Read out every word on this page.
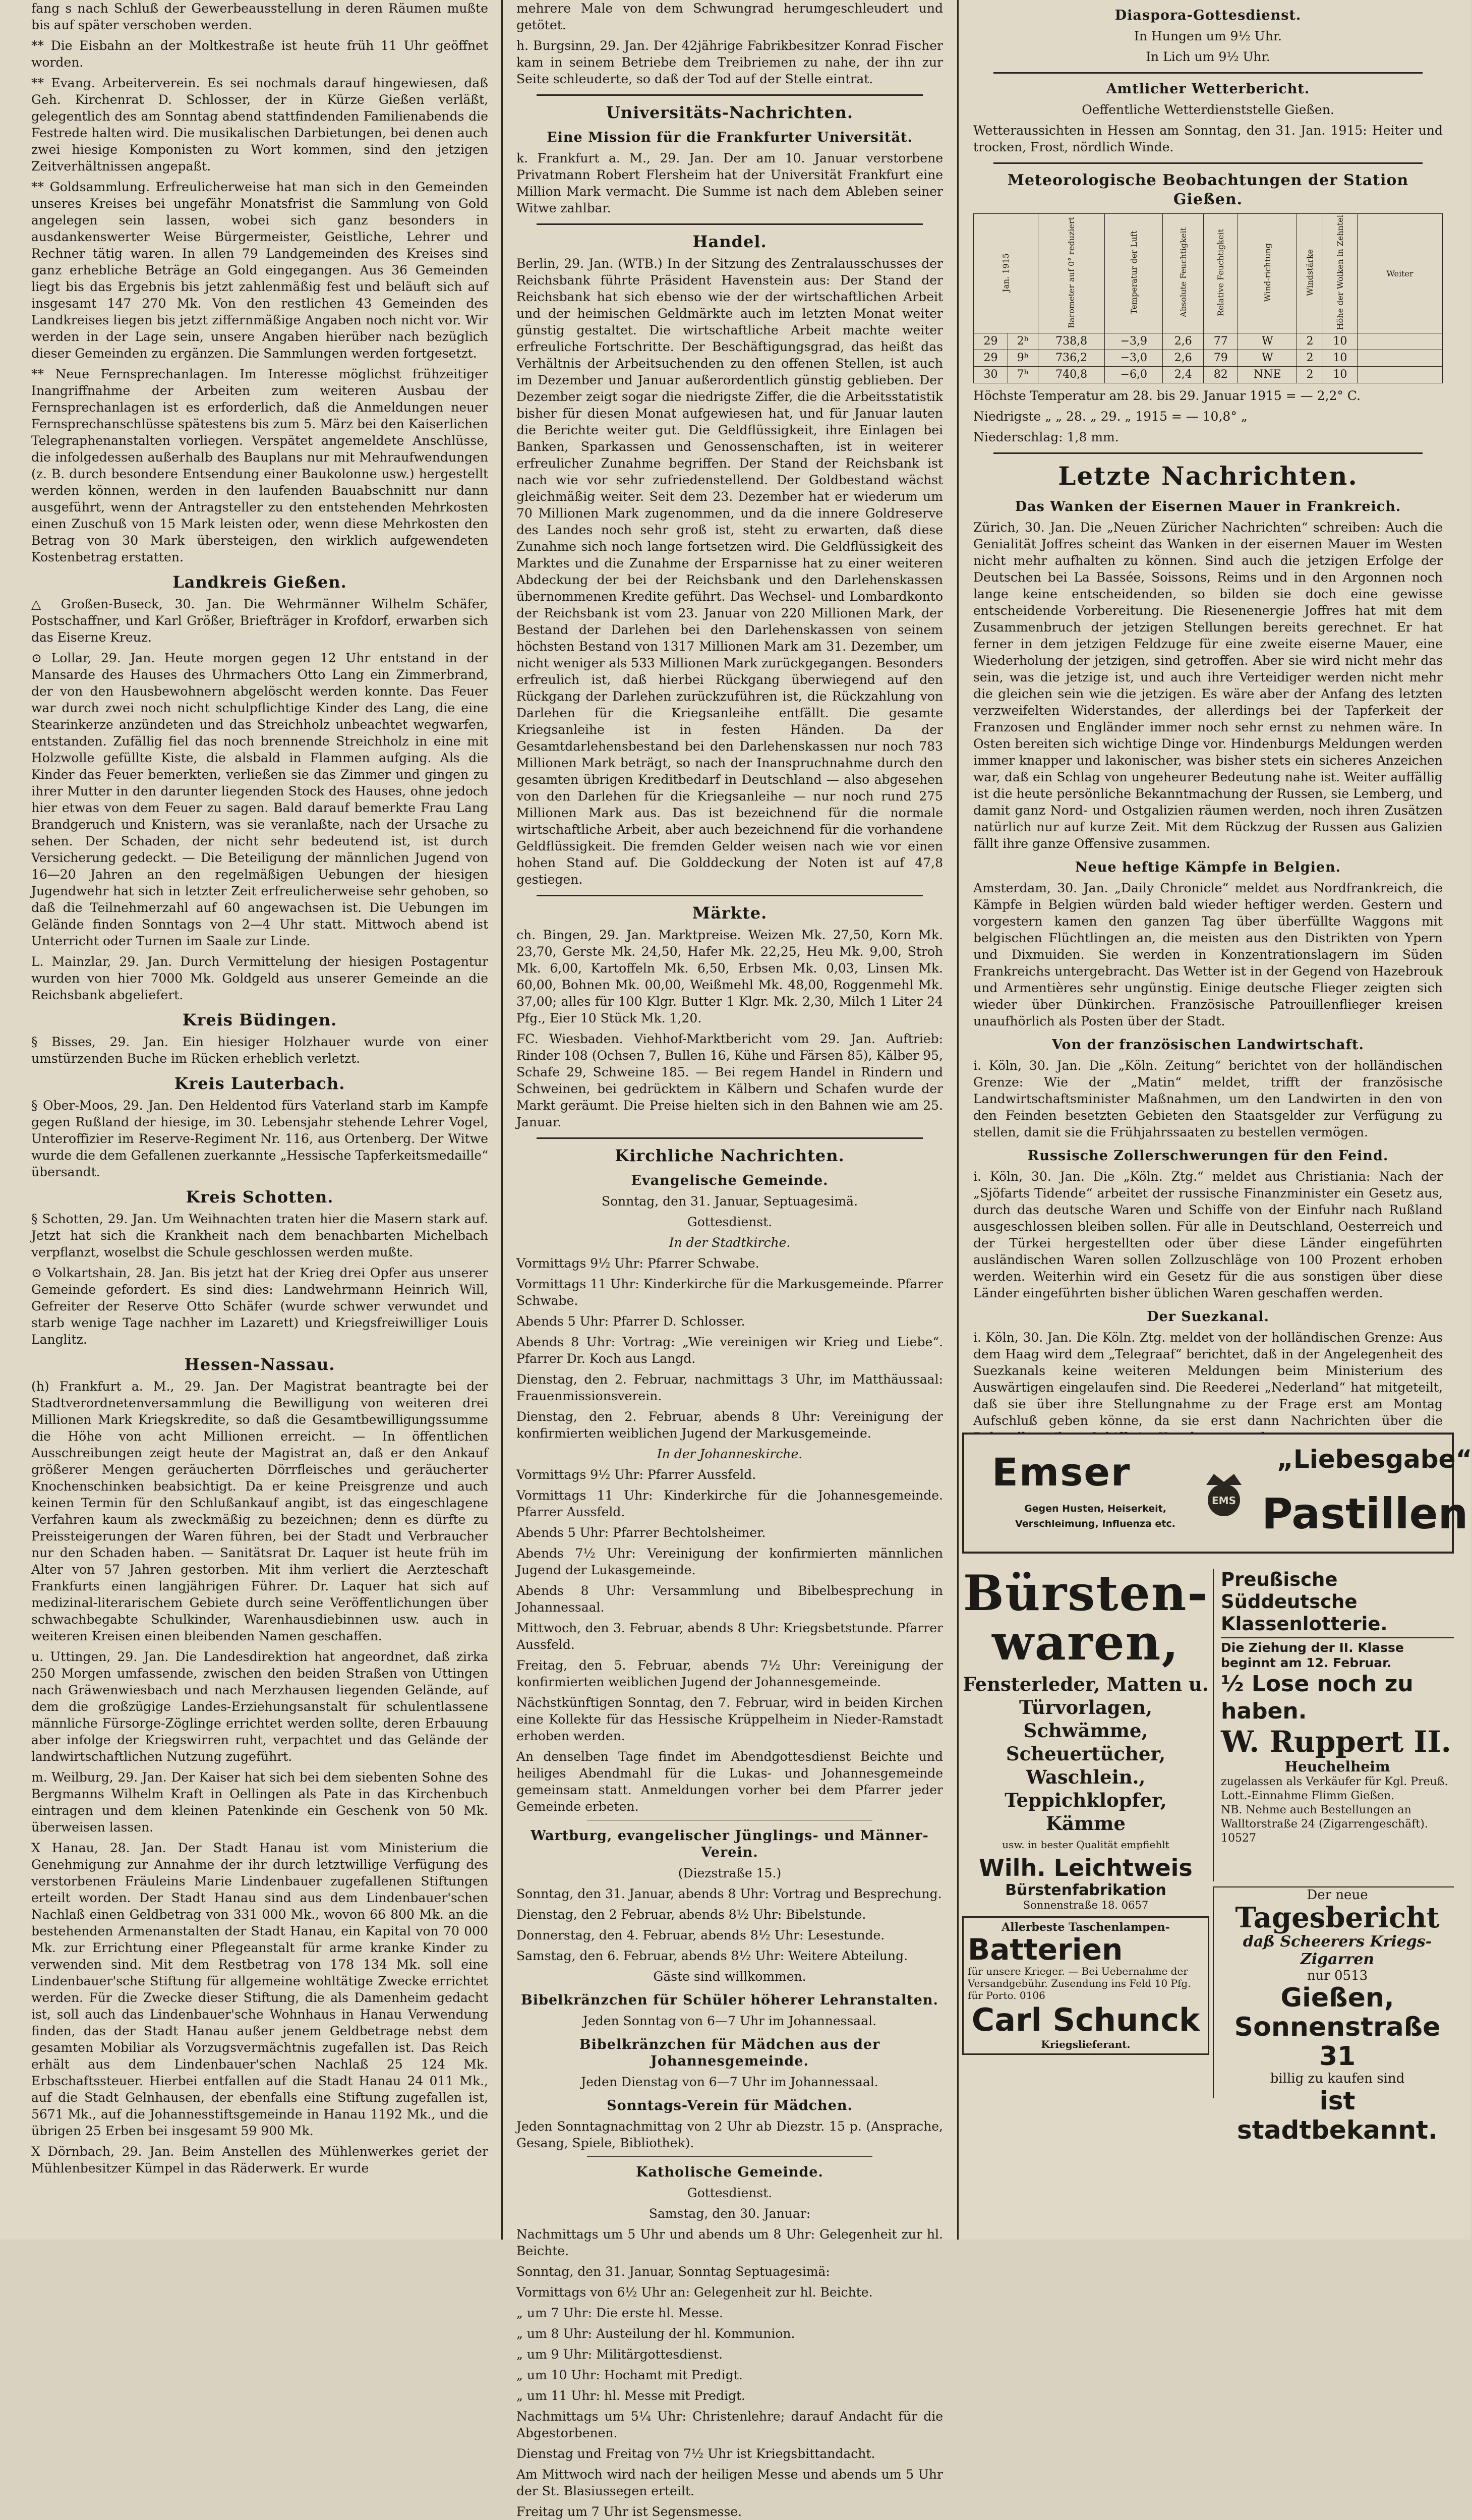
fang s nach Schluß der Gewerbeausstellung in deren Räumen mußte bis auf später verschoben werden.

** Die Eisbahn an der Moltkestraße ist heute früh 11 Uhr geöffnet worden.

** Evang. Arbeiterverein. Es sei nochmals darauf hingewiesen, daß Geh. Kirchenrat D. Schlosser, der in Kürze Gießen verläßt, gelegentlich des am Sonntag abend stattfindenden Familienabends die Festrede halten wird. Die musikalischen Darbietungen, bei denen auch zwei hiesige Komponisten zu Wort kommen, sind den jetzigen Zeitverhältnissen angepaßt.

** Goldsammlung. Erfreulicherweise hat man sich in den Gemeinden unseres Kreises bei ungefähr Monatsfrist die Sammlung von Gold angelegen sein lassen, wobei sich ganz besonders in ausdankenswerter Weise Bürgermeister, Geistliche, Lehrer und Rechner tätig waren. In allen 79 Landgemeinden des Kreises sind ganz erhebliche Beträge an Gold eingegangen. Aus 36 Gemeinden liegt bis das Ergebnis bis jetzt zahlenmäßig fest und beläuft sich auf insgesamt 147 270 Mk. Von den restlichen 43 Gemeinden des Landkreises liegen bis jetzt ziffernmäßige Angaben noch nicht vor. Wir werden in der Lage sein, unsere Angaben hierüber nach bezüglich dieser Gemeinden zu ergänzen. Die Sammlungen werden fortgesetzt.

** Neue Fernsprechanlagen. Im Interesse möglichst frühzeitiger Inangriffnahme der Arbeiten zum weiteren Ausbau der Fernsprechanlagen ist es erforderlich, daß die Anmeldungen neuer Fernsprechanschlüsse spätestens bis zum 5. März bei den Kaiserlichen Telegraphenanstalten vorliegen. Verspätet angemeldete Anschlüsse, die infolgedessen außerhalb des Bauplans nur mit Mehraufwendungen (z. B. durch besondere Entsendung einer Baukolonne usw.) hergestellt werden können, werden in den laufenden Bauabschnitt nur dann ausgeführt, wenn der Antragsteller zu den entstehenden Mehrkosten einen Zuschuß von 15 Mark leisten oder, wenn diese Mehrkosten den Betrag von 30 Mark übersteigen, den wirklich aufgewendeten Kostenbetrag erstatten.

Landkreis Gießen.

△ Großen-Buseck, 30. Jan. Die Wehrmänner Wilhelm Schäfer, Postschaffner, und Karl Größer, Briefträger in Krofdorf, erwarben sich das Eiserne Kreuz.

⊙ Lollar, 29. Jan. Heute morgen gegen 12 Uhr entstand in der Mansarde des Hauses des Uhrmachers Otto Lang ein Zimmerbrand, der von den Hausbewohnern abgelöscht werden konnte. Das Feuer war durch zwei noch nicht schulpflichtige Kinder des Lang, die eine Stearinkerze anzündeten und das Streichholz unbeachtet wegwarfen, entstanden. Zufällig fiel das noch brennende Streichholz in eine mit Holzwolle gefüllte Kiste, die alsbald in Flammen aufging. Als die Kinder das Feuer bemerkten, verließen sie das Zimmer und gingen zu ihrer Mutter in den darunter liegenden Stock des Hauses, ohne jedoch hier etwas von dem Feuer zu sagen. Bald darauf bemerkte Frau Lang Brandgeruch und Knistern, was sie veranlaßte, nach der Ursache zu sehen. Der Schaden, der nicht sehr bedeutend ist, ist durch Versicherung gedeckt. — Die Beteiligung der männlichen Jugend von 16—20 Jahren an den regelmäßigen Uebungen der hiesigen Jugendwehr hat sich in letzter Zeit erfreulicherweise sehr gehoben, so daß die Teilnehmerzahl auf 60 angewachsen ist. Die Uebungen im Gelände finden Sonntags von 2—4 Uhr statt. Mittwoch abend ist Unterricht oder Turnen im Saale zur Linde.

L. Mainzlar, 29. Jan. Durch Vermittelung der hiesigen Postagentur wurden von hier 7000 Mk. Goldgeld aus unserer Gemeinde an die Reichsbank abgeliefert.

Kreis Büdingen.

§ Bisses, 29. Jan. Ein hiesiger Holzhauer wurde von einer umstürzenden Buche im Rücken erheblich verletzt.

Kreis Lauterbach.

§ Ober-Moos, 29. Jan. Den Heldentod fürs Vaterland starb im Kampfe gegen Rußland der hiesige, im 30. Lebensjahr stehende Lehrer Vogel, Unteroffizier im Reserve-Regiment Nr. 116, aus Ortenberg. Der Witwe wurde die dem Gefallenen zuerkannte „Hessische Tapferkeitsmedaille“ übersandt.

Kreis Schotten.

§ Schotten, 29. Jan. Um Weihnachten traten hier die Masern stark auf. Jetzt hat sich die Krankheit nach dem benachbarten Michelbach verpflanzt, woselbst die Schule geschlossen werden mußte.

⊙ Volkartshain, 28. Jan. Bis jetzt hat der Krieg drei Opfer aus unserer Gemeinde gefordert. Es sind dies: Landwehrmann Heinrich Will, Gefreiter der Reserve Otto Schäfer (wurde schwer verwundet und starb wenige Tage nachher im Lazarett) und Kriegsfreiwilliger Louis Langlitz.

Hessen-Nassau.

(h) Frankfurt a. M., 29. Jan. Der Magistrat beantragte bei der Stadtverordnetenversammlung die Bewilligung von weiteren drei Millionen Mark Kriegskredite, so daß die Gesamtbewilligungssumme die Höhe von acht Millionen erreicht. — In öffentlichen Ausschreibungen zeigt heute der Magistrat an, daß er den Ankauf größerer Mengen geräucherten Dörrfleisches und geräucherter Knochenschinken beabsichtigt. Da er keine Preisgrenze und auch keinen Termin für den Schlußankauf angibt, ist das eingeschlagene Verfahren kaum als zweckmäßig zu bezeichnen; denn es dürfte zu Preissteigerungen der Waren führen, bei der Stadt und Verbraucher nur den Schaden haben. — Sanitätsrat Dr. Laquer ist heute früh im Alter von 57 Jahren gestorben. Mit ihm verliert die Aerzteschaft Frankfurts einen langjährigen Führer. Dr. Laquer hat sich auf medizinal-literarischem Gebiete durch seine Veröffentlichungen über schwachbegabte Schulkinder, Warenhausdiebinnen usw. auch in weiteren Kreisen einen bleibenden Namen geschaffen.

u. Uttingen, 29. Jan. Die Landesdirektion hat angeordnet, daß zirka 250 Morgen umfassende, zwischen den beiden Straßen von Uttingen nach Gräwenwiesbach und nach Merzhausen liegenden Gelände, auf dem die großzügige Landes-Erziehungsanstalt für schulentlassene männliche Fürsorge-Zöglinge errichtet werden sollte, deren Erbauung aber infolge der Kriegswirren ruht, verpachtet und das Gelände der landwirtschaftlichen Nutzung zugeführt.

m. Weilburg, 29. Jan. Der Kaiser hat sich bei dem siebenten Sohne des Bergmanns Wilhelm Kraft in Oellingen als Pate in das Kirchenbuch eintragen und dem kleinen Patenkinde ein Geschenk von 50 Mk. überweisen lassen.

X Hanau, 28. Jan. Der Stadt Hanau ist vom Ministerium die Genehmigung zur Annahme der ihr durch letztwillige Verfügung des verstorbenen Fräuleins Marie Lindenbauer zugefallenen Stiftungen erteilt worden. Der Stadt Hanau sind aus dem Lindenbauer'schen Nachlaß einen Geldbetrag von 331 000 Mk., wovon 66 800 Mk. an die bestehenden Armenanstalten der Stadt Hanau, ein Kapital von 70 000 Mk. zur Errichtung einer Pflegeanstalt für arme kranke Kinder zu verwenden sind. Mit dem Restbetrag von 178 134 Mk. soll eine Lindenbauer'sche Stiftung für allgemeine wohltätige Zwecke errichtet werden. Für die Zwecke dieser Stiftung, die als Damenheim gedacht ist, soll auch das Lindenbauer'sche Wohnhaus in Hanau Verwendung finden, das der Stadt Hanau außer jenem Geldbetrage nebst dem gesamten Mobiliar als Vorzugsvermächtnis zugefallen ist. Das Reich erhält aus dem Lindenbauer'schen Nachlaß 25 124 Mk. Erbschaftssteuer. Hierbei entfallen auf die Stadt Hanau 24 011 Mk., auf die Stadt Gelnhausen, der ebenfalls eine Stiftung zugefallen ist, 5671 Mk., auf die Johannesstiftsgemeinde in Hanau 1192 Mk., und die übrigen 25 Erben bei insgesamt 59 900 Mk.

X Dörnbach, 29. Jan. Beim Anstellen des Mühlenwerkes geriet der Mühlenbesitzer Kümpel in das Räderwerk. Er wurde

mehrere Male von dem Schwungrad herumgeschleudert und getötet.

h. Burgsinn, 29. Jan. Der 42jährige Fabrikbesitzer Konrad Fischer kam in seinem Betriebe dem Treibriemen zu nahe, der ihn zur Seite schleuderte, so daß der Tod auf der Stelle eintrat.

Universitäts-Nachrichten.
Eine Mission für die Frankfurter Universität.

k. Frankfurt a. M., 29. Jan. Der am 10. Januar verstorbene Privatmann Robert Flersheim hat der Universität Frankfurt eine Million Mark vermacht. Die Summe ist nach dem Ableben seiner Witwe zahlbar.

Handel.

Berlin, 29. Jan. (WTB.) In der Sitzung des Zentralausschusses der Reichsbank führte Präsident Havenstein aus: Der Stand der Reichsbank hat sich ebenso wie der der wirtschaftlichen Arbeit und der heimischen Geldmärkte auch im letzten Monat weiter günstig gestaltet. Die wirtschaftliche Arbeit machte weiter erfreuliche Fortschritte. Der Beschäftigungsgrad, das heißt das Verhältnis der Arbeitsuchenden zu den offenen Stellen, ist auch im Dezember und Januar außerordentlich günstig geblieben. Der Dezember zeigt sogar die niedrigste Ziffer, die die Arbeitsstatistik bisher für diesen Monat aufgewiesen hat, und für Januar lauten die Berichte weiter gut. Die Geldflüssigkeit, ihre Einlagen bei Banken, Sparkassen und Genossenschaften, ist in weiterer erfreulicher Zunahme begriffen. Der Stand der Reichsbank ist nach wie vor sehr zufriedenstellend. Der Goldbestand wächst gleichmäßig weiter. Seit dem 23. Dezember hat er wiederum um 70 Millionen Mark zugenommen, und da die innere Goldreserve des Landes noch sehr groß ist, steht zu erwarten, daß diese Zunahme sich noch lange fortsetzen wird. Die Geldflüssigkeit des Marktes und die Zunahme der Ersparnisse hat zu einer weiteren Abdeckung der bei der Reichsbank und den Darlehenskassen übernommenen Kredite geführt. Das Wechsel- und Lombardkonto der Reichsbank ist vom 23. Januar von 220 Millionen Mark, der Bestand der Darlehen bei den Darlehenskassen von seinem höchsten Bestand von 1317 Millionen Mark am 31. Dezember, um nicht weniger als 533 Millionen Mark zurückgegangen. Besonders erfreulich ist, daß hierbei Rückgang überwiegend auf den Rückgang der Darlehen zurückzuführen ist, die Rückzahlung von Darlehen für die Kriegsanleihe entfällt. Die gesamte Kriegsanleihe ist in festen Händen. Da der Gesamtdarlehensbestand bei den Darlehenskassen nur noch 783 Millionen Mark beträgt, so nach der Inanspruchnahme durch den gesamten übrigen Kreditbedarf in Deutschland — also abgesehen von den Darlehen für die Kriegsanleihe — nur noch rund 275 Millionen Mark aus. Das ist bezeichnend für die normale wirtschaftliche Arbeit, aber auch bezeichnend für die vorhandene Geldflüssigkeit. Die fremden Gelder weisen nach wie vor einen hohen Stand auf. Die Golddeckung der Noten ist auf 47,8 gestiegen.

Märkte.

ch. Bingen, 29. Jan. Marktpreise. Weizen Mk. 27,50, Korn Mk. 23,70, Gerste Mk. 24,50, Hafer Mk. 22,25, Heu Mk. 9,00, Stroh Mk. 6,00, Kartoffeln Mk. 6,50, Erbsen Mk. 0,03, Linsen Mk. 60,00, Bohnen Mk. 00,00, Weißmehl Mk. 48,00, Roggenmehl Mk. 37,00; alles für 100 Klgr. Butter 1 Klgr. Mk. 2,30, Milch 1 Liter 24 Pfg., Eier 10 Stück Mk. 1,20.

FC. Wiesbaden. Viehhof-Marktbericht vom 29. Jan. Auftrieb: Rinder 108 (Ochsen 7, Bullen 16, Kühe und Färsen 85), Kälber 95, Schafe 29, Schweine 185. — Bei regem Handel in Rindern und Schweinen, bei gedrücktem in Kälbern und Schafen wurde der Markt geräumt. Die Preise hielten sich in den Bahnen wie am 25. Januar.

Kirchliche Nachrichten.
Evangelische Gemeinde.

Sonntag, den 31. Januar, Septuagesimä.

Gottesdienst.

In der Stadtkirche.

Vormittags 9½ Uhr: Pfarrer Schwabe.

Vormittags 11 Uhr: Kinderkirche für die Markusgemeinde. Pfarrer Schwabe.

Abends 5 Uhr: Pfarrer D. Schlosser.

Abends 8 Uhr: Vortrag: „Wie vereinigen wir Krieg und Liebe“. Pfarrer Dr. Koch aus Langd.

Dienstag, den 2. Februar, nachmittags 3 Uhr, im Matthäussaal: Frauenmissionsverein.

Dienstag, den 2. Februar, abends 8 Uhr: Vereinigung der konfirmierten weiblichen Jugend der Markusgemeinde.

In der Johanneskirche.

Vormittags 9½ Uhr: Pfarrer Aussfeld.

Vormittags 11 Uhr: Kinderkirche für die Johannesgemeinde. Pfarrer Aussfeld.

Abends 5 Uhr: Pfarrer Bechtolsheimer.

Abends 7½ Uhr: Vereinigung der konfirmierten männlichen Jugend der Lukasgemeinde.

Abends 8 Uhr: Versammlung und Bibelbesprechung in Johannessaal.

Mittwoch, den 3. Februar, abends 8 Uhr: Kriegsbetstunde. Pfarrer Aussfeld.

Freitag, den 5. Februar, abends 7½ Uhr: Vereinigung der konfirmierten weiblichen Jugend der Johannesgemeinde.

Nächstkünftigen Sonntag, den 7. Februar, wird in beiden Kirchen eine Kollekte für das Hessische Krüppelheim in Nieder-Ramstadt erhoben werden.

An denselben Tage findet im Abendgottesdienst Beichte und heiliges Abendmahl für die Lukas- und Johannesgemeinde gemeinsam statt. Anmeldungen vorher bei dem Pfarrer jeder Gemeinde erbeten.

Wartburg, evangelischer Jünglings- und Männer-Verein.

(Diezstraße 15.)

Sonntag, den 31. Januar, abends 8 Uhr: Vortrag und Besprechung.

Dienstag, den 2 Februar, abends 8½ Uhr: Bibelstunde.

Donnerstag, den 4. Februar, abends 8½ Uhr: Lesestunde.

Samstag, den 6. Februar, abends 8½ Uhr: Weitere Abteilung.

Gäste sind willkommen.

Bibelkränzchen für Schüler höherer Lehranstalten.

Jeden Sonntag von 6—7 Uhr im Johannessaal.

Bibelkränzchen für Mädchen aus der Johannesgemeinde.

Jeden Dienstag von 6—7 Uhr im Johannessaal.

Sonntags-Verein für Mädchen.

Jeden Sonntagnachmittag von 2 Uhr ab Diezstr. 15 p. (Ansprache, Gesang, Spiele, Bibliothek).

Katholische Gemeinde.

Gottesdienst.

Samstag, den 30. Januar:

Nachmittags um 5 Uhr und abends um 8 Uhr: Gelegenheit zur hl. Beichte.

Sonntag, den 31. Januar, Sonntag Septuagesimä:

Vormittags von 6½ Uhr an: Gelegenheit zur hl. Beichte.

„ um 7 Uhr: Die erste hl. Messe.

„ um 8 Uhr: Austeilung der hl. Kommunion.

„ um 9 Uhr: Militärgottesdienst.

„ um 10 Uhr: Hochamt mit Predigt.

„ um 11 Uhr: hl. Messe mit Predigt.

Nachmittags um 5¼ Uhr: Christenlehre; darauf Andacht für die Abgestorbenen.

Dienstag und Freitag von 7½ Uhr ist Kriegsbittandacht.

Am Mittwoch wird nach der heiligen Messe und abends um 5 Uhr der St. Blasiussegen erteilt.

Freitag um 7 Uhr ist Segensmesse.

Diaspora-Gottesdienst.

In Hungen um 9½ Uhr.

In Lich um 9½ Uhr.

Amtlicher Wetterbericht.

Oeffentliche Wetterdienststelle Gießen.

Wetteraussichten in Hessen am Sonntag, den 31. Jan. 1915: Heiter und trocken, Frost, nördlich Winde.

Meteorologische Beobachtungen der Station Gießen.
Jan. 1915		Barometer auf 0° reduziert	Temperatur der Luft	Absolute Feuchtigkeit	Relative Feuchtigkeit	Wind-richtung	Windstärke	Höhe der Wolken in Zehntel	Weiter
29	2ʰ	738,8	−3,9	2,6	77	W	2	10	
29	9ʰ	736,2	−3,0	2,6	79	W	2	10	
30	7ʰ	740,8	−6,0	2,4	82	NNE	2	10	

Höchste Temperatur am 28. bis 29. Januar 1915 = — 2,2° C.

Niedrigste „ „ 28. „ 29. „ 1915 = — 10,8° „

Niederschlag: 1,8 mm.

Letzte Nachrichten.
Das Wanken der Eisernen Mauer in Frankreich.

Zürich, 30. Jan. Die „Neuen Züricher Nachrichten“ schreiben: Auch die Genialität Joffres scheint das Wanken in der eisernen Mauer im Westen nicht mehr aufhalten zu können. Sind auch die jetzigen Erfolge der Deutschen bei La Bassée, Soissons, Reims und in den Argonnen noch lange keine entscheidenden, so bilden sie doch eine gewisse entscheidende Vorbereitung. Die Riesenenergie Joffres hat mit dem Zusammenbruch der jetzigen Stellungen bereits gerechnet. Er hat ferner in dem jetzigen Feldzuge für eine zweite eiserne Mauer, eine Wiederholung der jetzigen, sind getroffen. Aber sie wird nicht mehr das sein, was die jetzige ist, und auch ihre Verteidiger werden nicht mehr die gleichen sein wie die jetzigen. Es wäre aber der Anfang des letzten verzweifelten Widerstandes, der allerdings bei der Tapferkeit der Franzosen und Engländer immer noch sehr ernst zu nehmen wäre. In Osten bereiten sich wichtige Dinge vor. Hindenburgs Meldungen werden immer knapper und lakonischer, was bisher stets ein sicheres Anzeichen war, daß ein Schlag von ungeheurer Bedeutung nahe ist. Weiter auffällig ist die heute persönliche Bekanntmachung der Russen, sie Lemberg, und damit ganz Nord- und Ostgalizien räumen werden, noch ihren Zusätzen natürlich nur auf kurze Zeit. Mit dem Rückzug der Russen aus Galizien fällt ihre ganze Offensive zusammen.

Neue heftige Kämpfe in Belgien.

Amsterdam, 30. Jan. „Daily Chronicle“ meldet aus Nordfrankreich, die Kämpfe in Belgien würden bald wieder heftiger werden. Gestern und vorgestern kamen den ganzen Tag über überfüllte Waggons mit belgischen Flüchtlingen an, die meisten aus den Distrikten von Ypern und Dixmuiden. Sie werden in Konzentrationslagern im Süden Frankreichs untergebracht. Das Wetter ist in der Gegend von Hazebrouk und Armentières sehr ungünstig. Einige deutsche Flieger zeigten sich wieder über Dünkirchen. Französische Patrouillenflieger kreisen unaufhörlich als Posten über der Stadt.

Von der französischen Landwirtschaft.

i. Köln, 30. Jan. Die „Köln. Zeitung“ berichtet von der holländischen Grenze: Wie der „Matin“ meldet, trifft der französische Landwirtschaftsminister Maßnahmen, um den Landwirten in den von den Feinden besetzten Gebieten den Staatsgelder zur Verfügung zu stellen, damit sie die Frühjahrssaaten zu bestellen vermögen.

Russische Zollerschwerungen für den Feind.

i. Köln, 30. Jan. Die „Köln. Ztg.“ meldet aus Christiania: Nach der „Sjöfarts Tidende“ arbeitet der russische Finanzminister ein Gesetz aus, durch das deutsche Waren und Schiffe von der Einfuhr nach Rußland ausgeschlossen bleiben sollen. Für alle in Deutschland, Oesterreich und der Türkei hergestellten oder über diese Länder eingeführten ausländischen Waren sollen Zollzuschläge von 100 Prozent erhoben werden. Weiterhin wird ein Gesetz für die aus sonstigen über diese Länder eingeführten bisher üblichen Waren geschaffen werden.

Der Suezkanal.

i. Köln, 30. Jan. Die Köln. Ztg. meldet von der holländischen Grenze: Aus dem Haag wird dem „Telegraaf“ berichtet, daß in der Angelegenheit des Suezkanals keine weiteren Meldungen beim Ministerium des Auswärtigen eingelaufen sind. Die Reederei „Nederland“ hat mitgeteilt, daß sie über ihre Stellungnahme zu der Frage erst am Montag Aufschluß geben könne, da sie erst dann Nachrichten über die

Emser
EMS
„Liebesgabe“
Pastillen
Gegen Husten, Heiserkeit, Verschleimung, Influenza etc.
Bürsten-waren,
Fensterleder, Matten u. Türvorlagen, Schwämme, Scheuertücher, Waschlein., Teppichklopfer, Kämme
usw. in bester Qualität empfiehlt
Wilh. Leichtweis
Bürstenfabrikation
Sonnenstraße 18. 0657
Allerbeste Taschenlampen-
Batterien
für unsere Krieger. — Bei Uebernahme der Versandgebühr. Zusendung ins Feld 10 Pfg. für Porto. 0106
Carl Schunck
Kriegslieferant.
Preußische Süddeutsche Klassenlotterie.
Die Ziehung der II. Klasse beginnt am 12. Februar.
½ Lose noch zu haben.
W. Ruppert II.
Heuchelheim
zugelassen als Verkäufer für Kgl. Preuß. Lott.-Einnahme Flimm Gießen.
NB. Nehme auch Bestellungen an Walltorstraße 24 (Zigarrengeschäft). 10527
Der neue
Tagesbericht
daß Scheerers Kriegs-Zigarren
nur 0513
Gießen, Sonnenstraße 31
billig zu kaufen sind
ist stadtbekannt.
